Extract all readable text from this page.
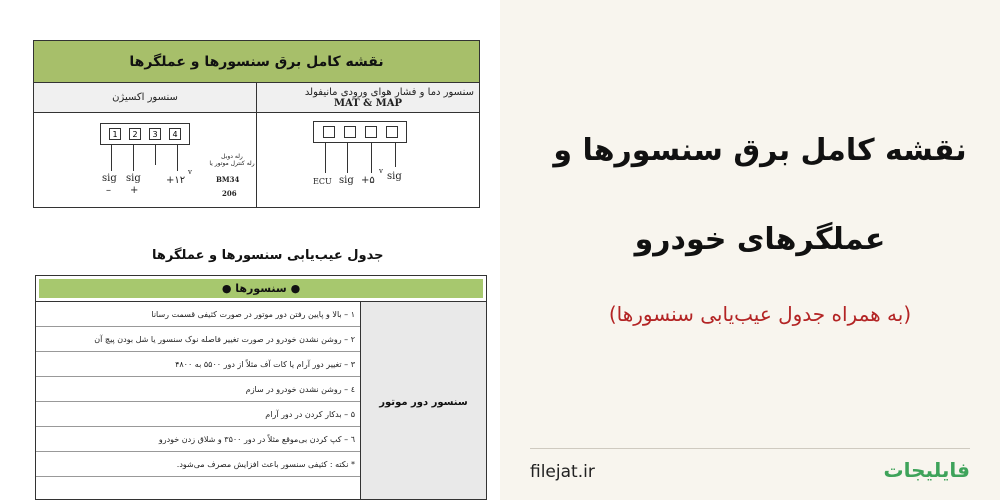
نقشه کامل برق سنسورها و عملگرها
سنسور اکسیژن	سنسور دما و فشار هوای ورودی مانیفولد
MAT & MAP
1	2	3	4
sig sig
– +
+۱۲
v
رله دوبل
رله کنترل موتور یا
BM34
206
ECU sig +۵
v sig
جدول عیب‌یابی سنسورها و عملگرها
● سنسورها ●
۱ – بالا و پایین رفتن دور موتور در صورت کثیفی قسمت رسانا
۲ – روشن نشدن خودرو در صورت تغییر فاصله نوک سنسور یا شل بودن پیچ آن
۳ – تغییر دور آرام یا کات آف مثلاً از دور ۵۵۰۰ به ۴۸۰۰
٤ – روشن نشدن خودرو در سازم
۵ – بدکار کردن در دور آرام
٦ – کپ کردن بی‌موقع مثلاً در دور ۳۵۰۰ و شلاق زدن خودرو
* نکته : کثیفی سنسور باعث افزایش مصرف می‌شود.
سنسور دور موتور
نقشه کامل برق سنسورها و
عملگرهای خودرو
(به همراه جدول عیب‌یابی سنسورها)
filejat.ir	فایلیجات
